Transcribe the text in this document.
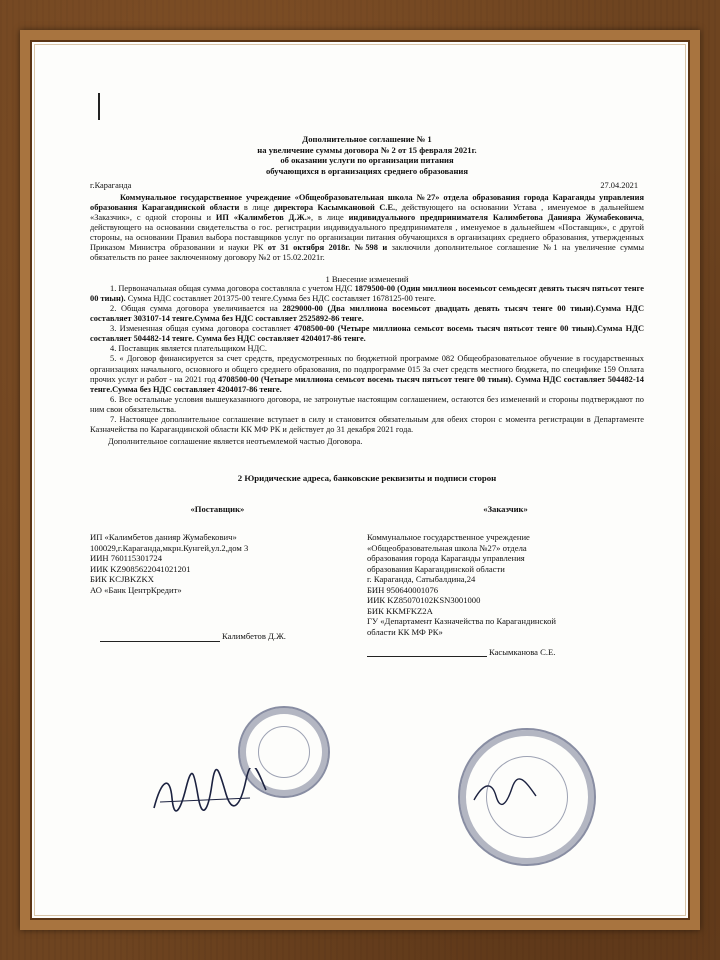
Дополнительное соглашение № 1
на увеличение суммы договора № 2 от 15 февраля 2021г.
об оказании услуги по организации питания
обучающихся в организациях среднего образования
г.Караганда	27.04.2021

Коммунальное государственное учреждение «Общеобразовательная школа №27» отдела образования города Караганды управления образования Карагандинской области в лице директора Касымкановой С.Е., действующего на основании Устава , именуемое в дальнейшем «Заказчик», с одной стороны и ИП «Калимбетов Д.Ж.», в лице индивидуального предпринимателя Калимбетова Данияра Жумабековича, действующего на основании свидетельства о гос. регистрации индивидуального предпринимателя , именуемое в дальнейшем «Поставщик», с другой стороны, на основании Правил выбора поставщиков услуг по организации питания обучающихся в организациях среднего образования, утвержденных Приказом Министра образовании и науки РК от 31 октября 2018г. №598 и заключили дополнительное соглашение №1 на увеличение суммы обязательств по ранее заключенному договору №2 от 15.02.2021г.

1 Внесение изменений

1. Первоначальная общая сумма договора составляла с учетом НДС 1879500-00 (Один миллион восемьсот семьдесят девять тысяч пятьсот тенге 00 тиын). Сумма НДС составляет 201375-00 тенге.Сумма без НДС составляет 1678125-00 тенге.

2. Общая сумма договора увеличивается на 2829000-00 (Два миллиона восемьсот двадцать девять тысяч тенге 00 тиын).Сумма НДС составляет 303107-14 тенге.Сумма без НДС составляет 2525892-86 тенге.

3. Измененная общая сумма договора составляет 4708500-00 (Четыре миллиона семьсот восемь тысяч пятьсот тенге 00 тиын).Сумма НДС составляет 504482-14 тенге. Сумма без НДС составляет 4204017-86 тенге.

4. Поставщик является плательщиком НДС.

5. « Договор финансируется за счет средств, предусмотренных по бюджетной программе 082 Общеобразовательное обучение в государственных организациях начального, основного и общего среднего образования, по подпрограмме 015 За счет средств местного бюджета, по специфике 159 Оплата прочих услуг и работ - на 2021 год 4708500-00 (Четыре миллиона семьсот восемь тысяч пятьсот тенге 00 тиын). Сумма НДС составляет 504482-14 тенге.Сумма без НДС составляет 4204017-86 тенге.

6. Все остальные условия вышеуказанного договора, не затронутые настоящим соглашением, остаются без изменений и стороны подтверждают по ним свои обязательства.

7. Настоящее дополнительное соглашение вступает в силу и становится обязательным для обеих сторон с момента регистрации в Департаменте Казначейства по Карагандинской области КК МФ РК и действует до 31 декабря 2021 года.

Дополнительное соглашение является неотъемлемой частью Договора.

2 Юридические адреса, банковские реквизиты и подписи сторон
«Поставщик»
ИП «Калимбетов данияр Жумабекович»
100029,г.Караганда,мкрн.Кунгей,ул.2,дом 3
ИИН 760115301724
ИИК KZ9085622041021201
БИК KCJBKZKX
АО «Банк ЦентрКредит»
Калимбетов Д.Ж.
«Заказчик»
Коммунальное государственное учреждение
«Общеобразовательная школа №27» отдела
образования города Караганды управления
образования Карагандинской области
г. Караганда, Сатыбалдина,24
БИН 950640001076
ИИК KZ85070102KSN3001000
БИК KKMFKZ2A
ГУ «Департамент Казначейства по Карагандинской
области КК МФ РК»
Касымканова С.Е.
